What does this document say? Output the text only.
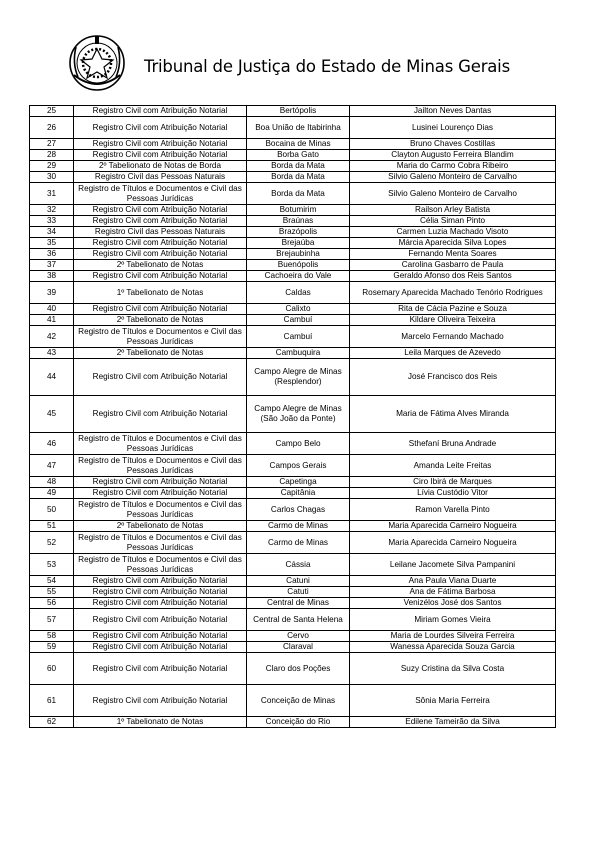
Tribunal de Justiça do Estado de Minas Gerais
25	Registro Civil com Atribuição Notarial	Bertópolis	Jailton Neves Dantas
26	Registro Civil com Atribuição Notarial	Boa União de Itabirinha	Lusinei Lourenço Dias
27	Registro Civil com Atribuição Notarial	Bocaina de Minas	Bruno Chaves Costillas
28	Registro Civil com Atribuição Notarial	Borba Gato	Clayton Augusto Ferreira Blandim
29	2º Tabelionato de Notas de Borda	Borda da Mata	Maria do Carmo Cobra Ribeiro
30	Registro Civil das Pessoas Naturais	Borda da Mata	Silvio Galeno Monteiro de Carvalho
31	Registro de Títulos e Documentos e Civil das Pessoas Jurídicas	Borda da Mata	Silvio Galeno Monteiro de Carvalho
32	Registro Civil com Atribuição Notarial	Botumirim	Railson Arley Batista
33	Registro Civil com Atribuição Notarial	Braúnas	Célia Siman Pinto
34	Registro Civil das Pessoas Naturais	Brazópolis	Carmen Luzia Machado Visoto
35	Registro Civil com Atribuição Notarial	Brejaúba	Márcia Aparecida Silva Lopes
36	Registro Civil com Atribuição Notarial	Brejaubinha	Fernando Menta Soares
37	2º Tabelionato de Notas	Buenópolis	Carolina Gasbarro de Paula
38	Registro Civil com Atribuição Notarial	Cachoeira do Vale	Geraldo Afonso dos Reis Santos
39	1º Tabelionato de Notas	Caldas	Rosemary Aparecida Machado Tenório Rodrigues
40	Registro Civil com Atribuição Notarial	Calixto	Rita de Cácia Pazine e Souza
41	2º Tabelionato de Notas	Cambuí	Kildare Oliveira Teixeira
42	Registro de Títulos e Documentos e Civil das Pessoas Jurídicas	Cambuí	Marcelo Fernando Machado
43	2º Tabelionato de Notas	Cambuquira	Leila Marques de Azevedo
44	Registro Civil com Atribuição Notarial	Campo Alegre de Minas (Resplendor)	José Francisco dos Reis
45	Registro Civil com Atribuição Notarial	Campo Alegre de Minas (São João da Ponte)	Maria de Fátima Alves Miranda
46	Registro de Títulos e Documentos e Civil das Pessoas Jurídicas	Campo Belo	Sthefaní Bruna Andrade
47	Registro de Títulos e Documentos e Civil das Pessoas Jurídicas	Campos Gerais	Amanda Leite Freitas
48	Registro Civil com Atribuição Notarial	Capetinga	Ciro Ibirá de Marques
49	Registro Civil com Atribuição Notarial	Capitânia	Lívia Custódio Vitor
50	Registro de Títulos e Documentos e Civil das Pessoas Jurídicas	Carlos Chagas	Ramon Varella Pinto
51	2º Tabelionato de Notas	Carmo de Minas	Maria Aparecida Carneiro Nogueira
52	Registro de Títulos e Documentos e Civil das Pessoas Jurídicas	Carmo de Minas	Maria Aparecida Carneiro Nogueira
53	Registro de Títulos e Documentos e Civil das Pessoas Jurídicas	Cássia	Leilane Jacomete Silva Pampanini
54	Registro Civil com Atribuição Notarial	Catuni	Ana Paula Viana Duarte
55	Registro Civil com Atribuição Notarial	Catuti	Ana de Fátima Barbosa
56	Registro Civil com Atribuição Notarial	Central de Minas	Venizélos José dos Santos
57	Registro Civil com Atribuição Notarial	Central de Santa Helena	Miriam Gomes Vieira
58	Registro Civil com Atribuição Notarial	Cervo	Maria de Lourdes Silveira Ferreira
59	Registro Civil com Atribuição Notarial	Claraval	Wanessa Aparecida Souza Garcia
60	Registro Civil com Atribuição Notarial	Claro dos Poções	Suzy Cristina da Silva Costa
61	Registro Civil com Atribuição Notarial	Conceição de Minas	Sônia Maria Ferreira
62	1º Tabelionato de Notas	Conceição do Rio	Edilene Tameirão da Silva
